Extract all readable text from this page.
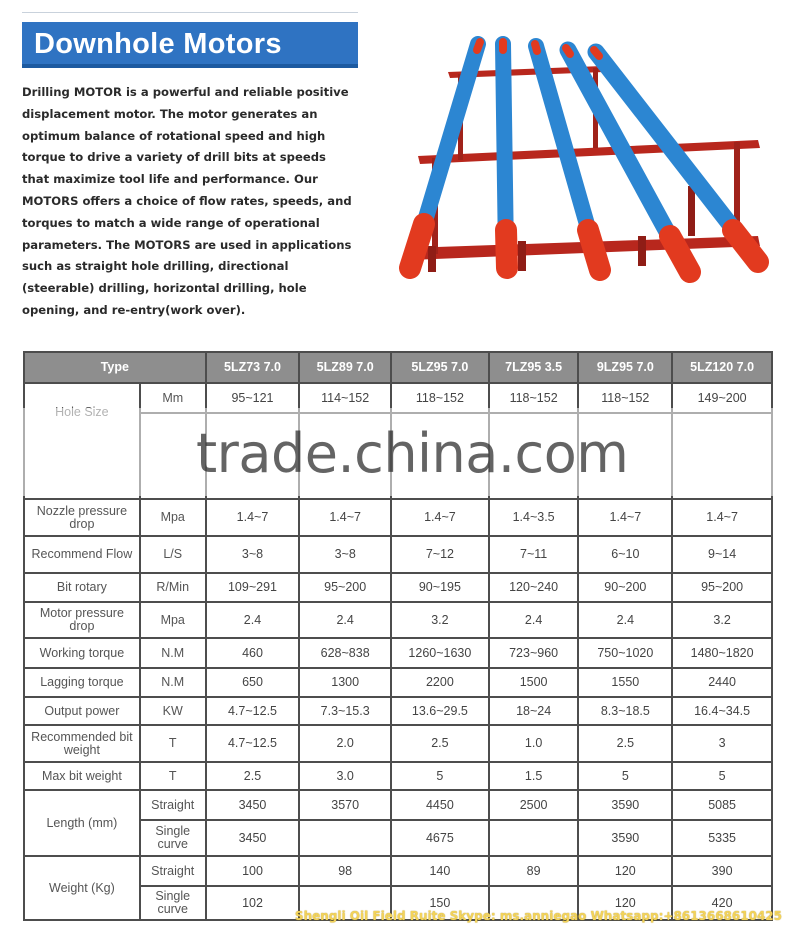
Downhole Motors

Drilling MOTOR is a powerful and reliable positive displacement motor. The motor generates an optimum balance of rotational speed and high torque to drive a variety of drill bits at speeds that maximize tool life and performance. Our MOTORS offers a choice of flow rates, speeds, and torques to match a wide range of operational parameters. The MOTORS are used in applications such as straight hole drilling, directional (steerable) drilling, horizontal drilling, hole opening, and re-entry(work over).

Type		5LZ73 7.0	5LZ89 7.0	5LZ95 7.0	7LZ95 3.5	9LZ95 7.0	5LZ120 7.0
	Mm	95~121	114~152	118~152	118~152	118~152	149~200

Nozzle pressure drop	Mpa	1.4~7	1.4~7	1.4~7	1.4~3.5	1.4~7	1.4~7
Recommend Flow	L/S	3~8	3~8	7~12	7~11	6~10	9~14
Bit rotary	R/Min	109~291	95~200	90~195	120~240	90~200	95~200
Motor pressure drop	Mpa	2.4	2.4	3.2	2.4	2.4	3.2
Working torque	N.M	460	628~838	1260~1630	723~960	750~1020	1480~1820
Lagging torque	N.M	650	1300	2200	1500	1550	2440
Output power	KW	4.7~12.5	7.3~15.3	13.6~29.5	18~24	8.3~18.5	16.4~34.5
Recommended bit weight	T	4.7~12.5	2.0	2.5	1.0	2.5	3
Max bit weight	T	2.5	3.0	5	1.5	5	5
Length (mm)	Straight	3450	3570	4450	2500	3590	5085
	Single curve	3450		4675		3590	5335
Weight (Kg)	Straight	100	98	140	89	120	390
	Single curve	102		150		120	420
trade.china.com
Shengli Oil Field Ruite Skype: ms.anniegao Whatsapp:+8613668610425
